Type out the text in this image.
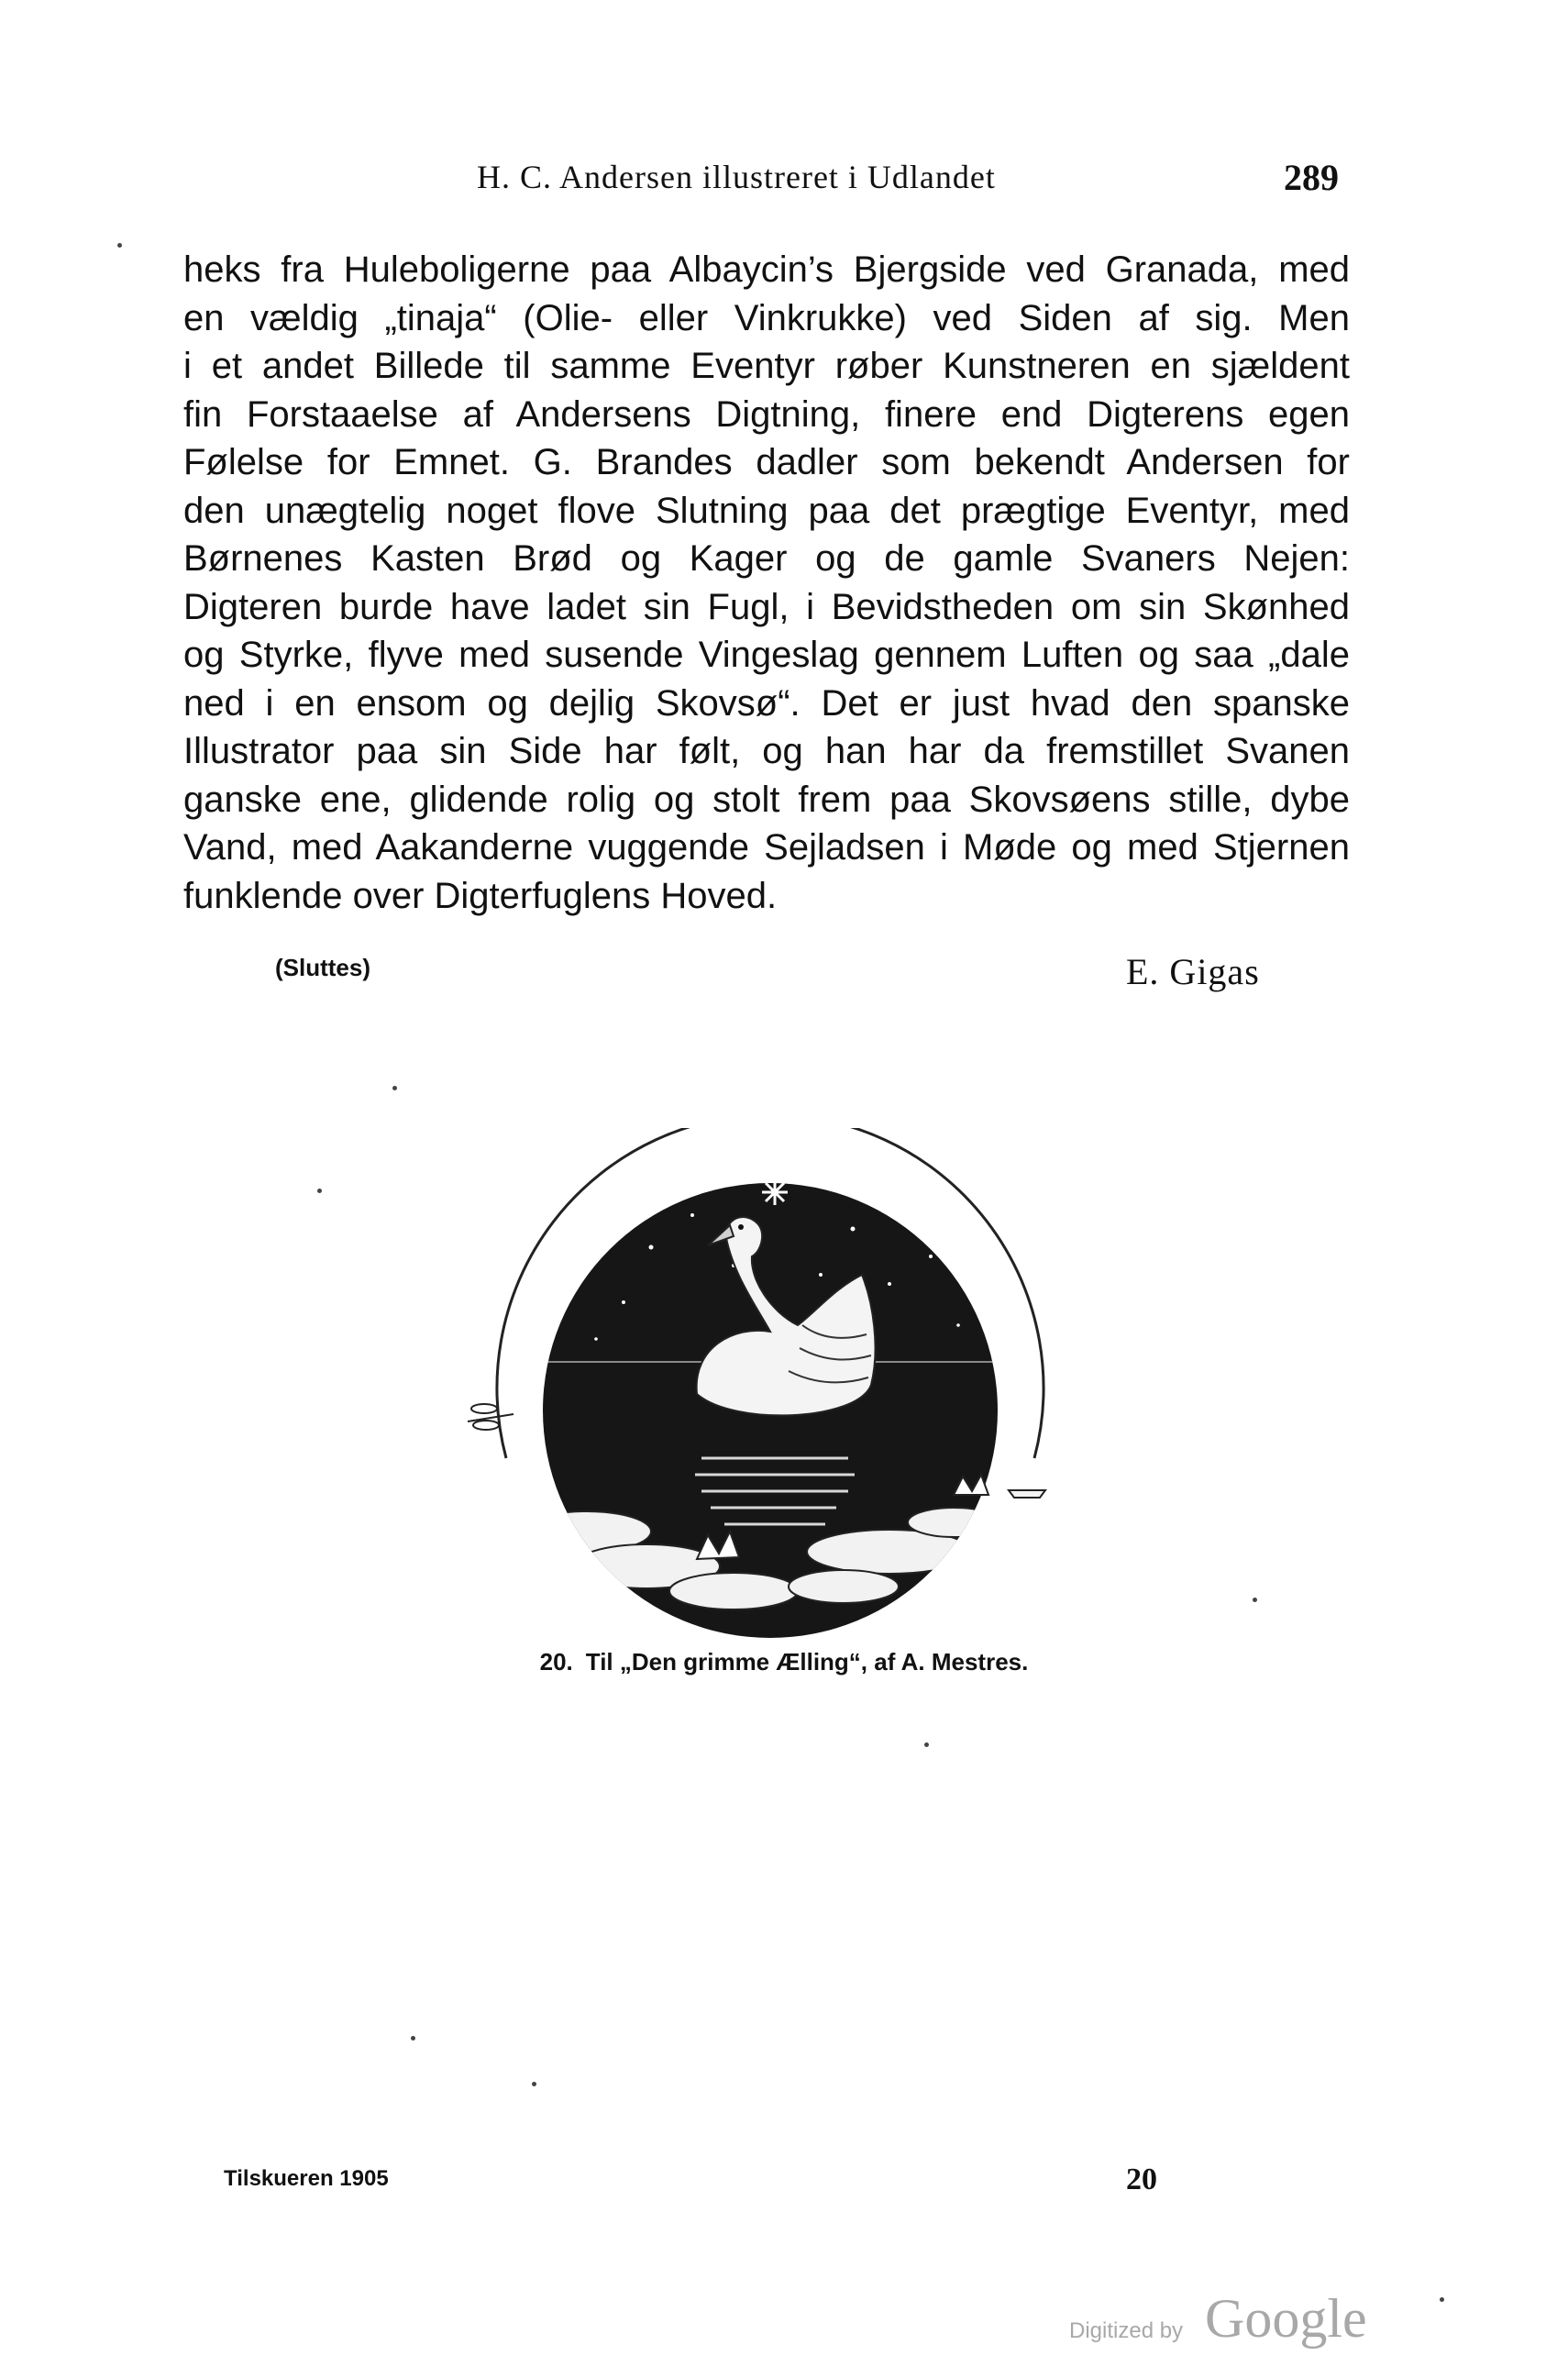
H. C. Andersen illustreret i Udlandet	289
heks fra Huleboligerne paa Albaycin’s Bjergside ved Granada, med
en vældig „tinaja“ (Olie- eller Vinkrukke) ved Siden af sig. Men
i et andet Billede til samme Eventyr røber Kunstneren en sjældent
fin Forstaaelse af Andersens Digtning, finere end Digterens egen
Følelse for Emnet. G. Brandes dadler som bekendt Andersen for
den unægtelig noget flove Slutning paa det prægtige Eventyr, med
Børnenes Kasten Brød og Kager og de gamle Svaners Nejen:
Digteren burde have ladet sin Fugl, i Bevidstheden om sin Skønhed
og Styrke, flyve med susende Vingeslag gennem Luften og saa „dale
ned i en ensom og dejlig Skovsø“. Det er just hvad den spanske
Illustrator paa sin Side har følt, og han har da fremstillet Svanen
ganske ene, glidende rolig og stolt frem paa Skovsøens stille, dybe
Vand, med Aakanderne vuggende Sejladsen i Møde og med Stjernen
funklende over Digterfuglens Hoved.
(Sluttes)	E. Gigas
20. Til „Den grimme Ælling“, af A. Mestres.
Tilskueren 1905	20
Digitized by Google
